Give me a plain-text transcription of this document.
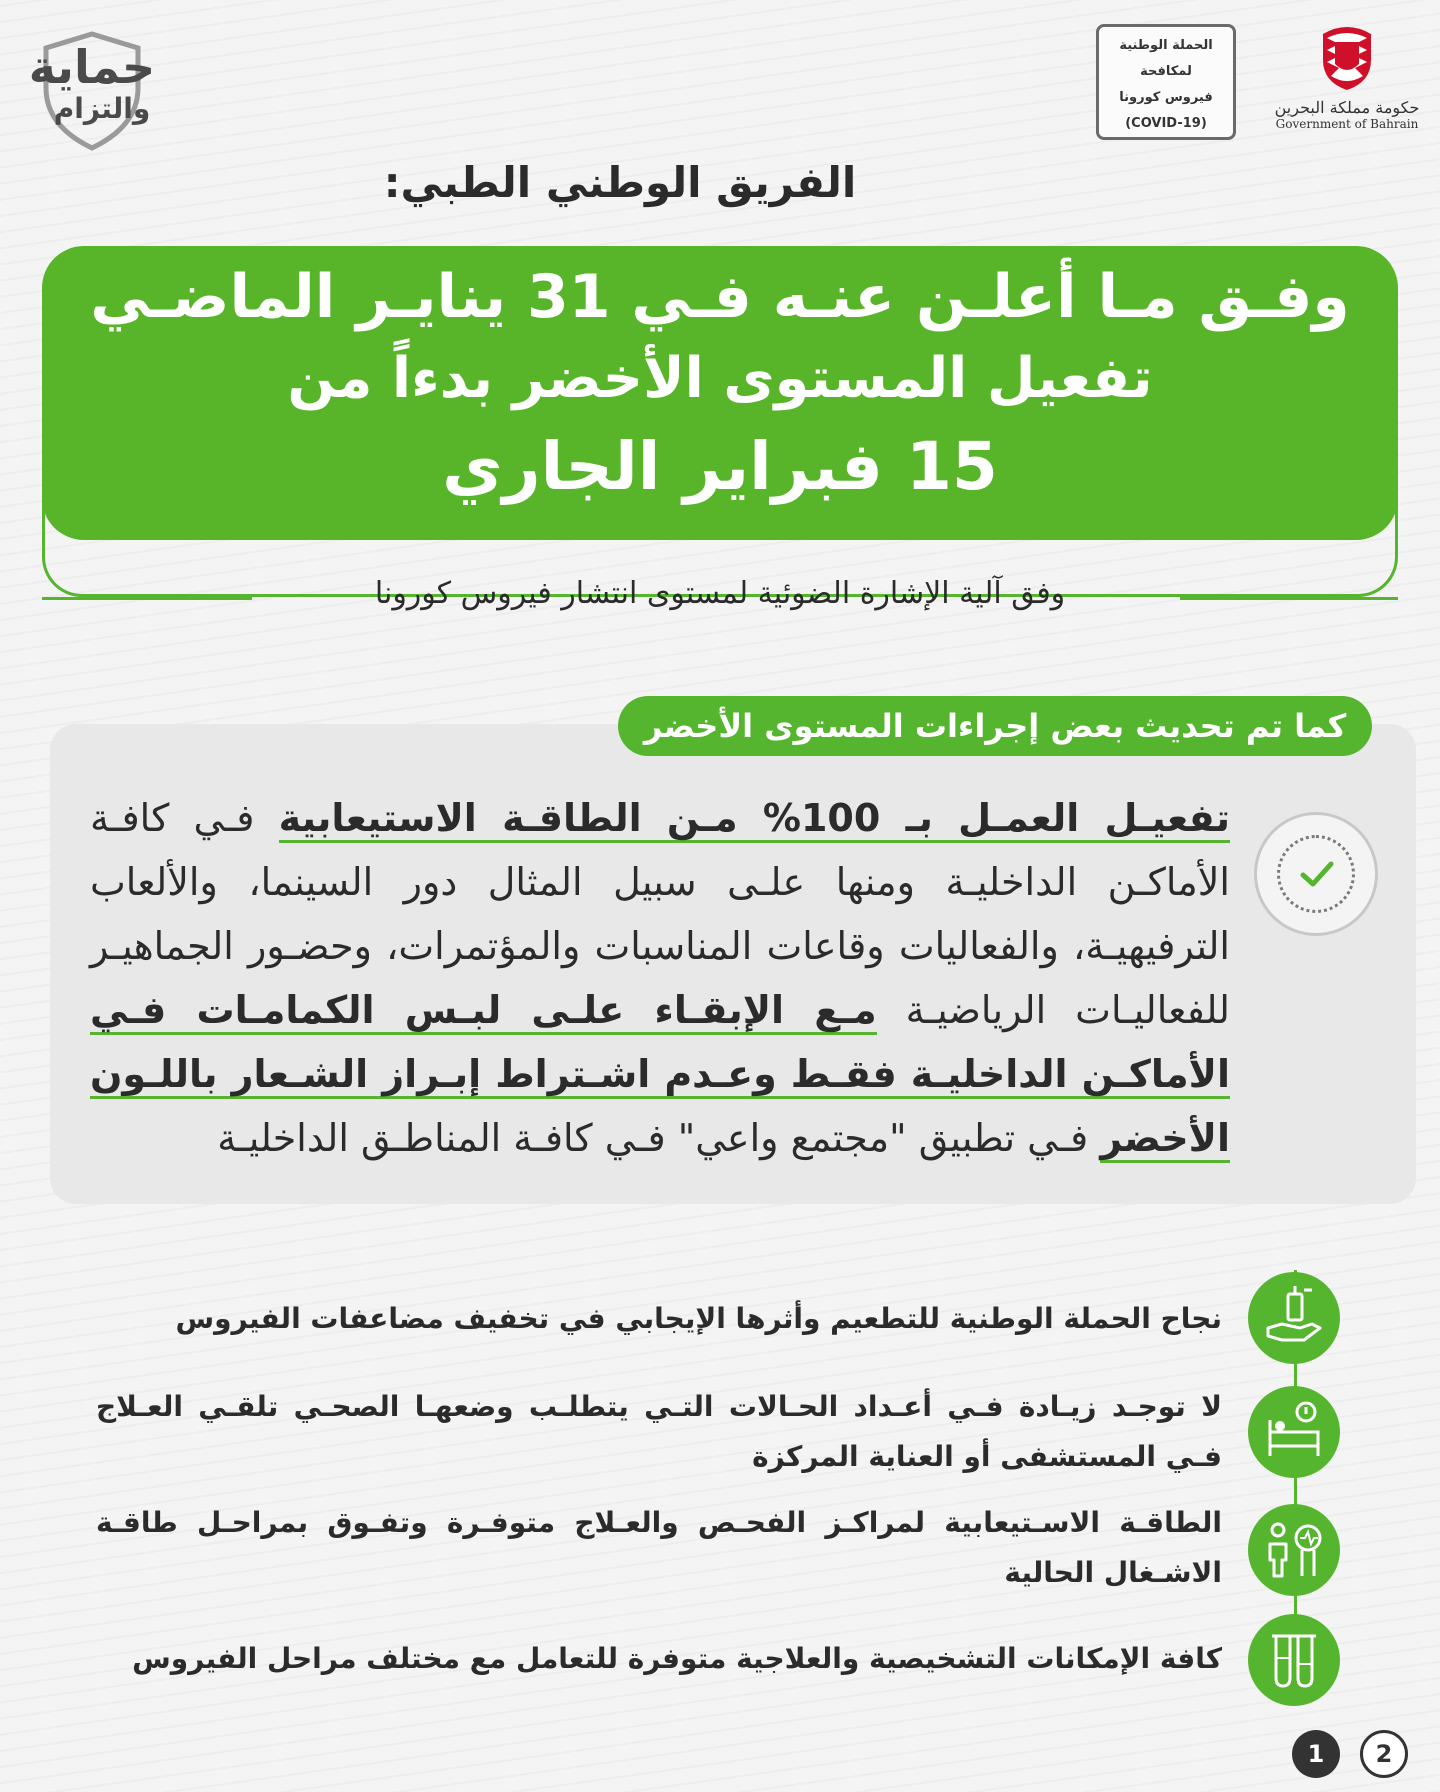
حماية
والتزام
الحملة الوطنية
لمكافحة
فيروس كورونا
(COVID-19)
حكومة مملكة البحرين
Government of Bahrain
الفريق الوطني الطبي:
وفـق مـا أعلـن عنـه فـي 31 ينايـر الماضـي
تفعيل المستوى الأخضر بدءاً من
15 فبراير الجاري
وفق آلية الإشارة الضوئية لمستوى انتشار فيروس كورونا
كما تم تحديث بعض إجراءات المستوى الأخضر
تفعيـل العمـل بـ 100% مـن الطاقـة الاستيعابية فـي كافـة الأماكـن الداخليـة ومنها علـى سبيل المثال دور السينما، والألعاب الترفيهيـة، والفعاليات وقاعات المناسبات والمؤتمرات، وحضـور الجماهيـر للفعاليـات الرياضيـة مـع الإبقـاء علـى لبـس الكمامـات فـي الأماكـن الداخليـة فقـط وعـدم اشـتراط إبـراز الشـعار باللـون الأخضر فـي تطبيق "مجتمع واعي" فـي كافـة المناطـق الداخليـة
نجاح الحملة الوطنية للتطعيم وأثرها الإيجابي في تخفيف مضاعفات الفيروس
لا توجـد زيـادة فـي أعـداد الحـالات التـي يتطلـب وضعهـا الصحـي تلقـي العـلاج فـي المستشفى أو العناية المركزة
الطاقـة الاسـتيعابية لمراكـز الفحـص والعـلاج متوفـرة وتفـوق بمراحـل طاقـة الاشـغال الحالية
كافة الإمكانات التشخيصية والعلاجية متوفرة للتعامل مع مختلف مراحل الفيروس
1	2
